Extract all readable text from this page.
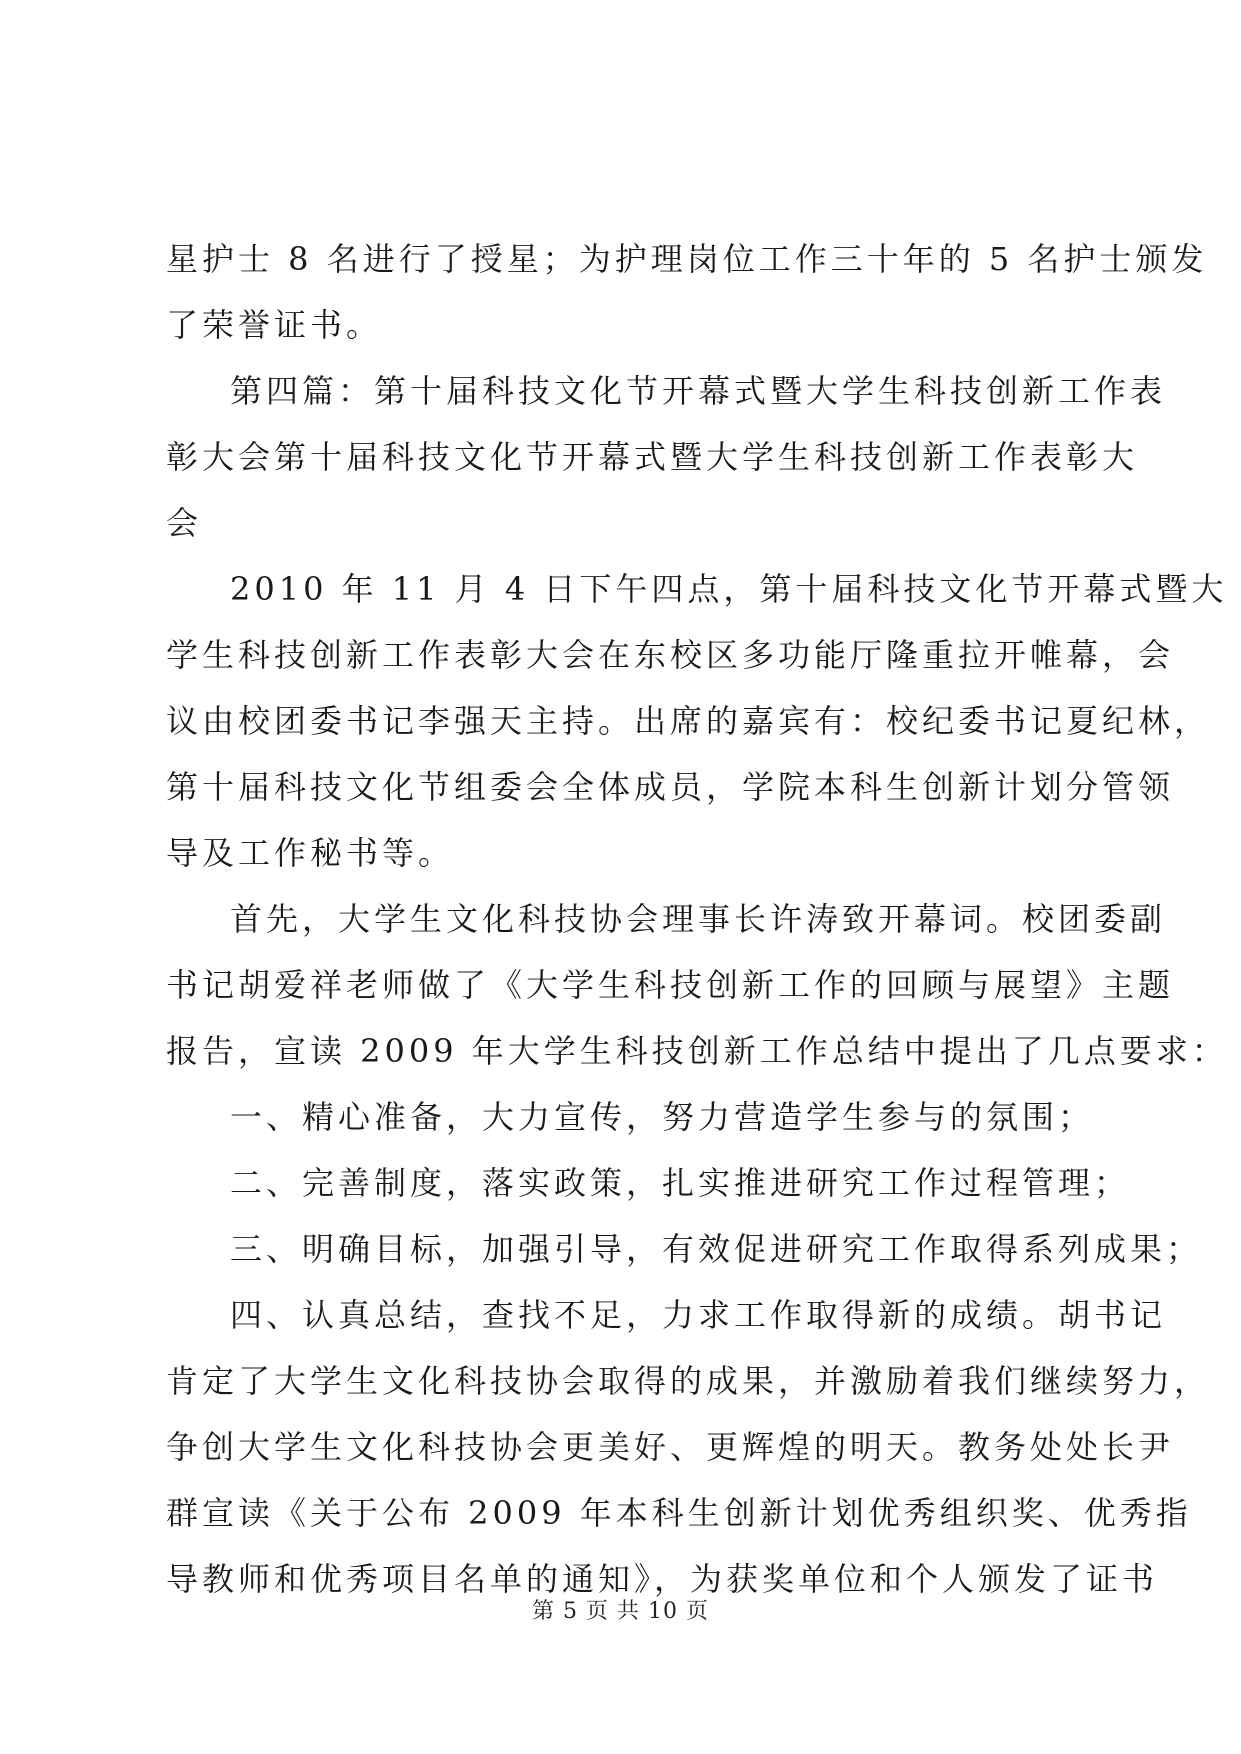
星护士 8 名进行了授星；为护理岗位工作三十年的 5 名护士颁发
了荣誉证书。
第四篇：第十届科技文化节开幕式暨大学生科技创新工作表
彰大会第十届科技文化节开幕式暨大学生科技创新工作表彰大
会
2010 年 11 月 4 日下午四点，第十届科技文化节开幕式暨大
学生科技创新工作表彰大会在东校区多功能厅隆重拉开帷幕，会
议由校团委书记李强天主持。出席的嘉宾有：校纪委书记夏纪林，
第十届科技文化节组委会全体成员，学院本科生创新计划分管领
导及工作秘书等。
首先，大学生文化科技协会理事长许涛致开幕词。校团委副
书记胡爱祥老师做了《大学生科技创新工作的回顾与展望》主题
报告，宣读 2009 年大学生科技创新工作总结中提出了几点要求：
一、精心准备，大力宣传，努力营造学生参与的氛围；
二、完善制度，落实政策，扎实推进研究工作过程管理；
三、明确目标，加强引导，有效促进研究工作取得系列成果；
四、认真总结，查找不足，力求工作取得新的成绩。胡书记
肯定了大学生文化科技协会取得的成果，并激励着我们继续努力，
争创大学生文化科技协会更美好、更辉煌的明天。教务处处长尹
群宣读《关于公布 2009 年本科生创新计划优秀组织奖、优秀指
导教师和优秀项目名单的通知》，为获奖单位和个人颁发了证书
第 5 页 共 10 页
